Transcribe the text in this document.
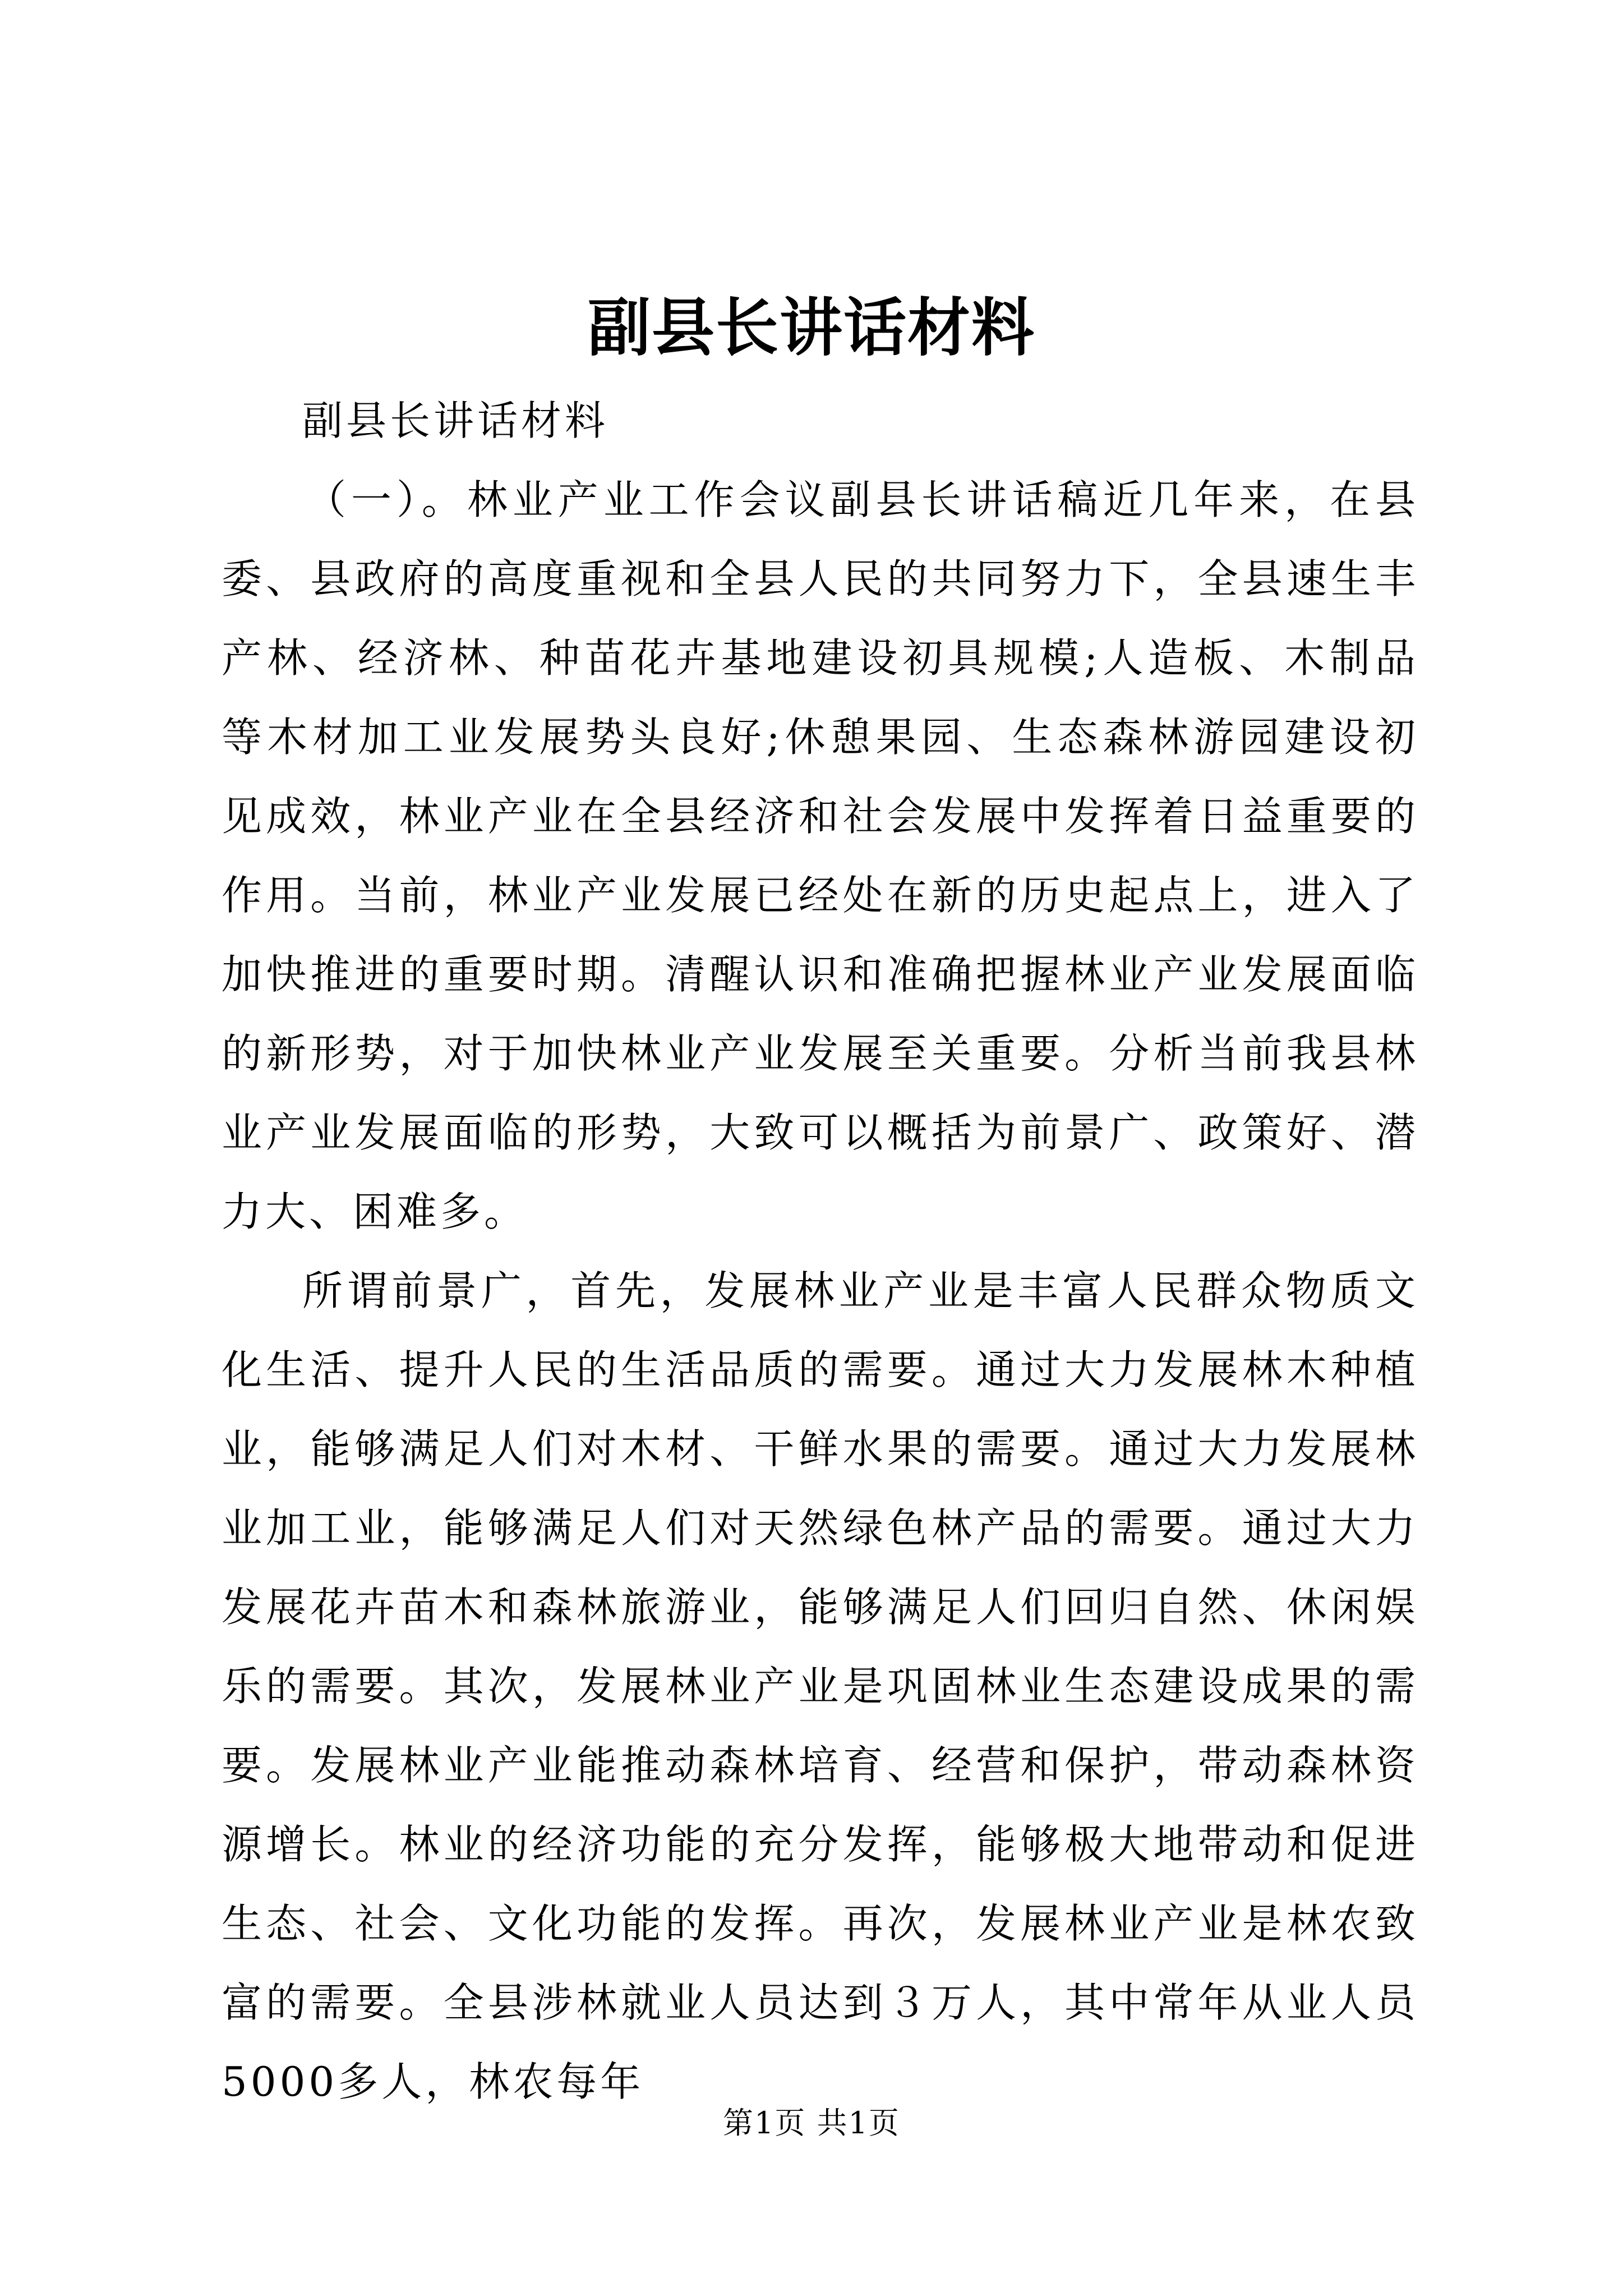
副县长讲话材料

副县长讲话材料

（一）。林业产业工作会议副县长讲话稿近几年来，在县委、县政府的高度重视和全县人民的共同努力下，全县速生丰产林、经济林、种苗花卉基地建设初具规模;人造板、木制品等木材加工业发展势头良好;休憩果园、生态森林游园建设初见成效，林业产业在全县经济和社会发展中发挥着日益重要的作用。当前，林业产业发展已经处在新的历史起点上，进入了加快推进的重要时期。清醒认识和准确把握林业产业发展面临的新形势，对于加快林业产业发展至关重要。分析当前我县林业产业发展面临的形势，大致可以概括为前景广、政策好、潜力大、困难多。

所谓前景广，首先，发展林业产业是丰富人民群众物质文化生活、提升人民的生活品质的需要。通过大力发展林木种植业，能够满足人们对木材、干鲜水果的需要。通过大力发展林业加工业，能够满足人们对天然绿色林产品的需要。通过大力发展花卉苗木和森林旅游业，能够满足人们回归自然、休闲娱乐的需要。其次，发展林业产业是巩固林业生态建设成果的需要。发展林业产业能推动森林培育、经营和保护，带动森林资源增长。林业的经济功能的充分发挥，能够极大地带动和促进生态、社会、文化功能的发挥。再次，发展林业产业是林农致富的需要。全县涉林就业人员达到３万人，其中常年从业人员5000多人，林农每年

第1页 共1页
